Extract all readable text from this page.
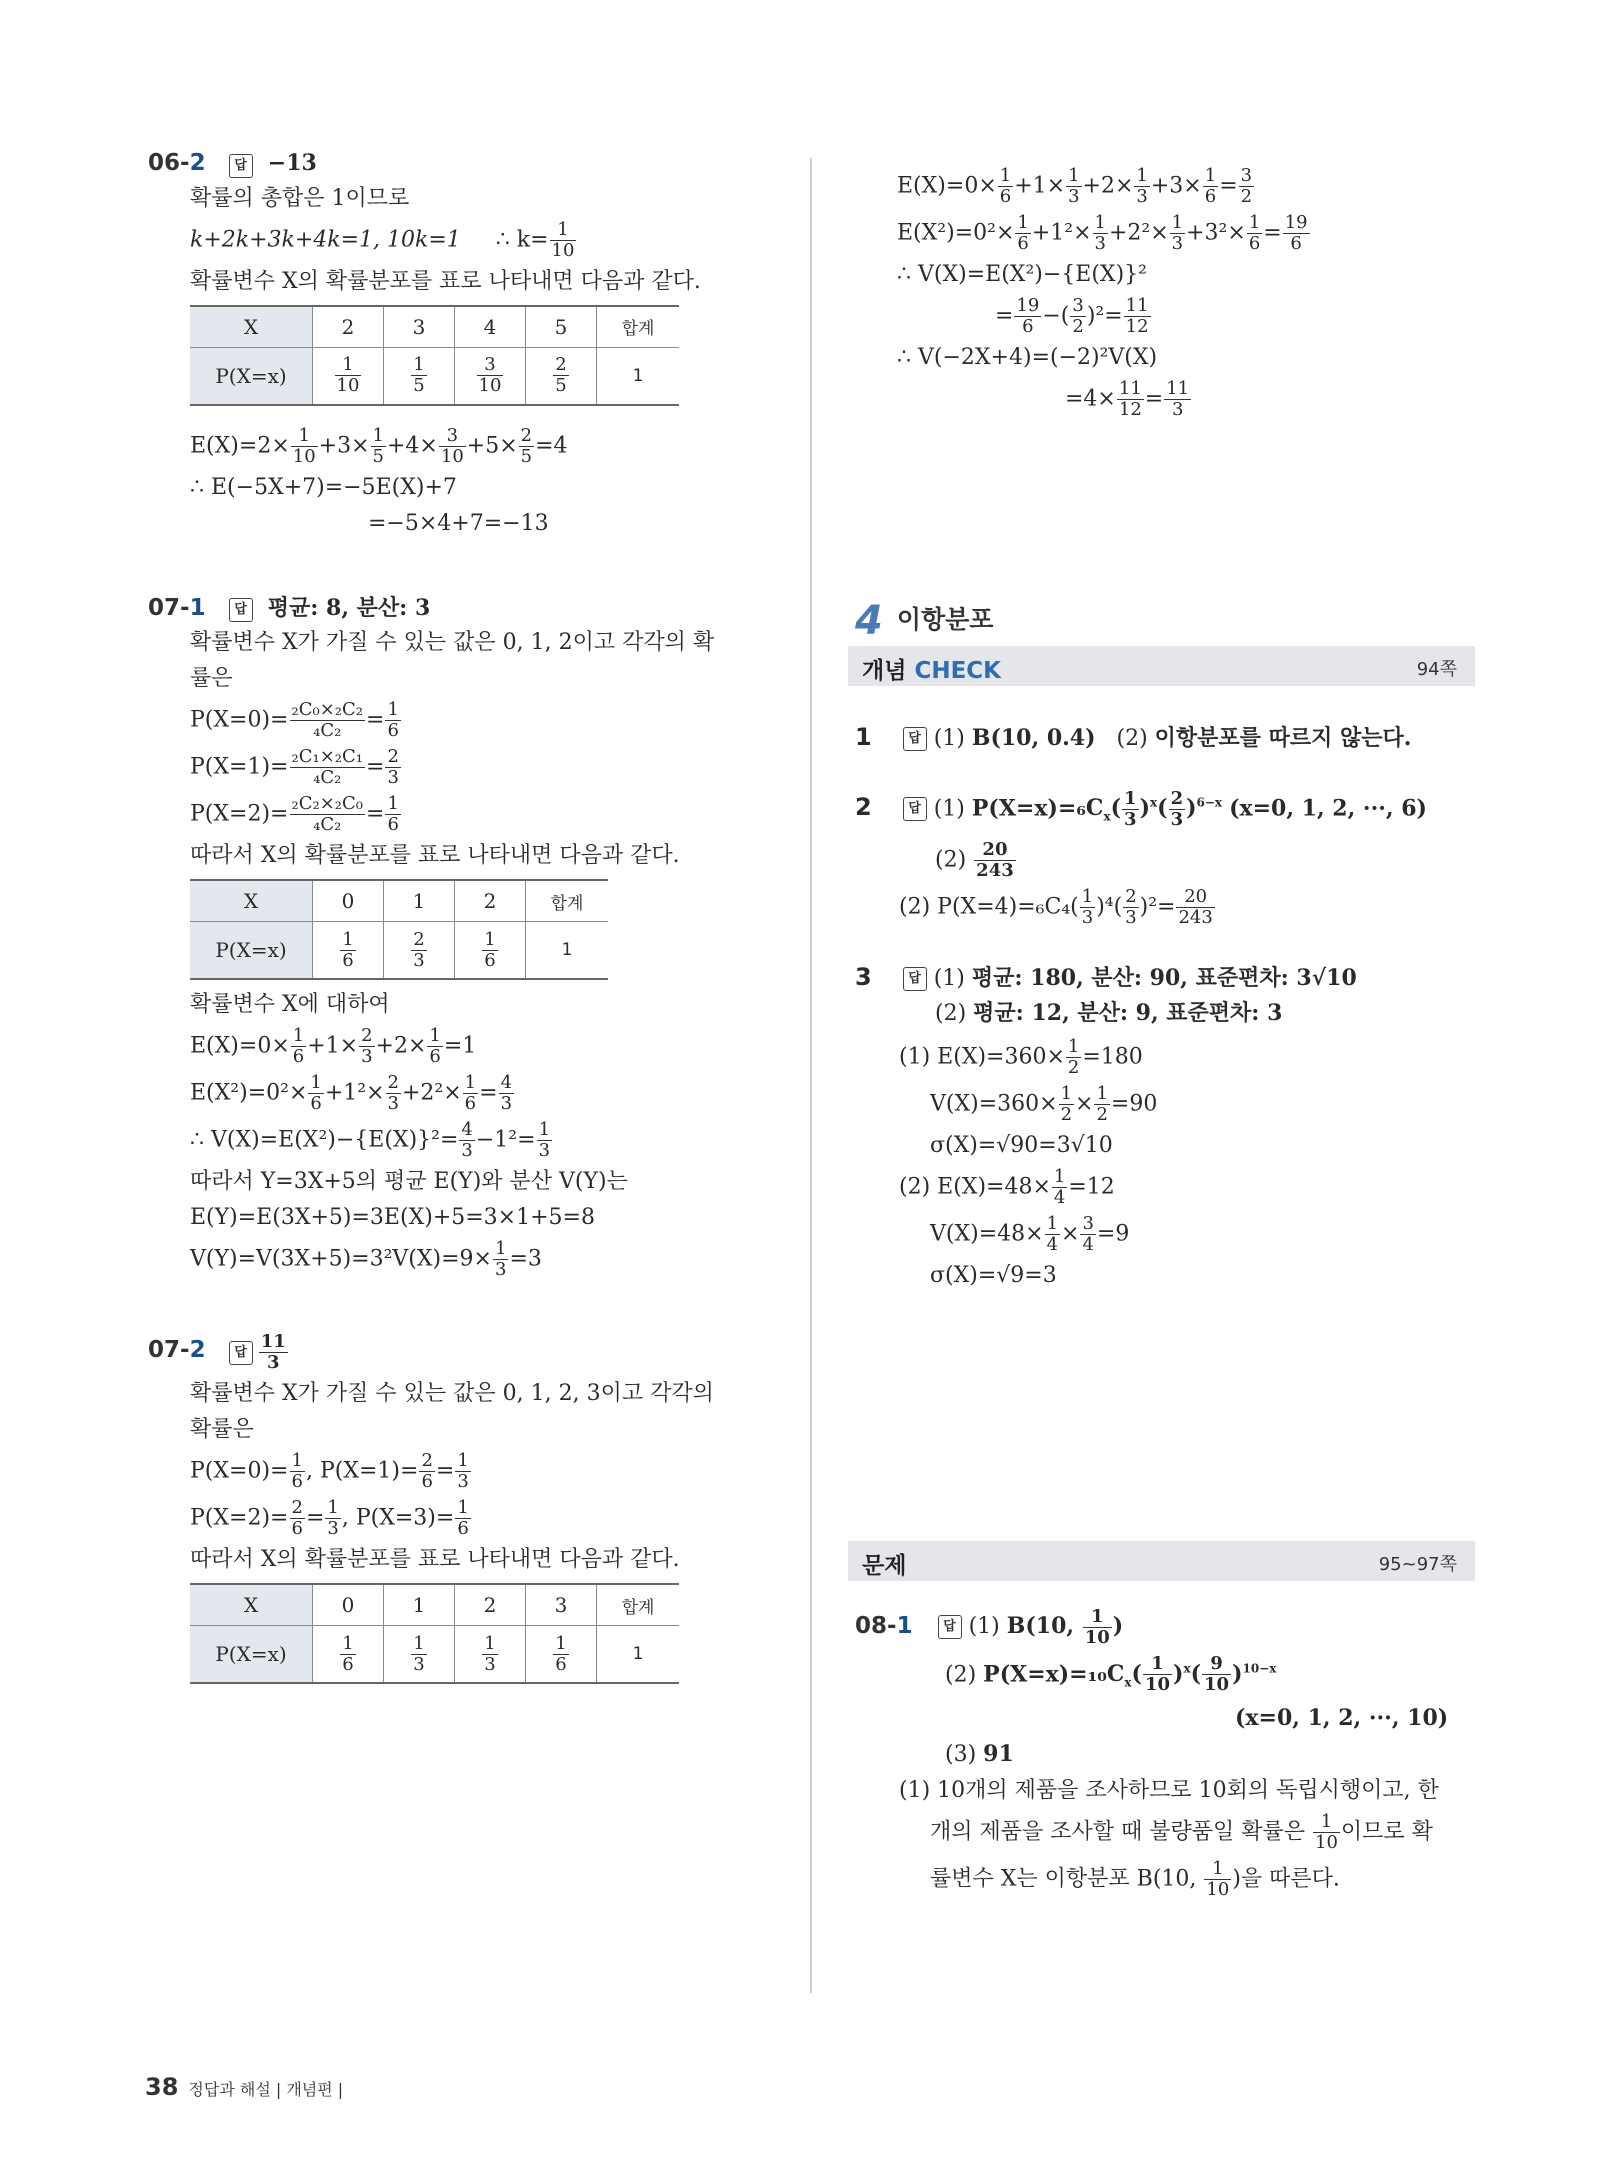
06-2 답 −13
확률의 총합은 1이므로
k+2k+3k+4k=1, 10k=1 ∴ $k= \frac{1}{10}$
확률변수 X의 확률분포를 표로 나타내면 다음과 같다.
X	2	3	4	5	합계
P(X=x)	$\frac{1}{10}$	$\frac{1}{5}$	$\frac{3}{10}$	$\frac{2}{5}$	1
$E(X)=2\times \frac{1}{10} +3\times \frac{1}{5} +4\times \frac{3}{10} +5\times \frac{2}{5} =4$
∴ E(−5X+7)=−5E(X)+7
=−5×4+7=−13
07-1 답 평균: 8, 분산: 3
확률변수 X가 가질 수 있는 값은 0, 1, 2이고 각각의 확
률은
$P(X=0)= \frac{\text{₂C₀×₂C₂}}{\text{₄C₂}} = \frac{1}{6}$
$P(X=1)= \frac{\text{₂C₁×₂C₁}}{\text{₄C₂}} = \frac{2}{3}$
$P(X=2)= \frac{\text{₂C₂×₂C₀}}{\text{₄C₂}} = \frac{1}{6}$
따라서 X의 확률분포를 표로 나타내면 다음과 같다.
X	0	1	2	합계
P(X=x)	$\frac{1}{6}$	$\frac{2}{3}$	$\frac{1}{6}$	1
확률변수 X에 대하여
$E(X)=0\times \frac{1}{6} +1\times \frac{2}{3} +2\times \frac{1}{6} =1$
$E(X^2)=0^2\times \frac{1}{6} +1^2\times \frac{2}{3} +2^2\times \frac{1}{6} = \frac{4}{3}$
∴ $V(X)=E(X^2)-\{E(X)\}^2= \frac{4}{3} -1^2= \frac{1}{3}$
따라서 Y=3X+5의 평균 E(Y)와 분산 V(Y)는
E(Y)=E(3X+5)=3E(X)+5=3×1+5=8
$V(Y)=V(3X+5)=3^2V(X)=9\times \frac{1}{3} =3$
07-2 답 $\frac{11}{3}$
확률변수 X가 가질 수 있는 값은 0, 1, 2, 3이고 각각의
확률은
$P(X=0)= \frac{1}{6}$ , $P(X=1)= \frac{2}{6} = \frac{1}{3}$
$P(X=2)= \frac{2}{6} = \frac{1}{3}$ , $P(X=3)= \frac{1}{6}$
따라서 X의 확률분포를 표로 나타내면 다음과 같다.
X	0	1	2	3	합계
P(X=x)	$\frac{1}{6}$	$\frac{1}{3}$	$\frac{1}{3}$	$\frac{1}{6}$	1
$E(X)=0\times \frac{1}{6} +1\times \frac{1}{3} +2\times \frac{1}{3} +3\times \frac{1}{6} = \frac{3}{2}$
$E(X^2)=0^2\times \frac{1}{6} +1^2\times \frac{1}{3} +2^2\times \frac{1}{3} +3^2\times \frac{1}{6} = \frac{19}{6}$
∴ V(X)=E(X²)−{E(X)}²
= $\frac{19}{6}$ −( $\frac{3}{2} )^2= \frac{11}{12}$
∴ V(−2X+4)=(−2)²V(X)
$=4\times \frac{11}{12} = \frac{11}{3}$
4 이항분포
개념 CHECK	94쪽
1	답 (1) B(10, 0.4) (2) 이항분포를 따르지 않는다.
2	답 (1) $P(X=x)=_6C_x( \frac{1}{3} )^x( \frac{2}{3} )^{6-x}$ (x=0, 1, 2, ···, 6)
$(2) \frac{20}{243}$
(2) $P(X=4)=_6C_4( \frac{1}{3} )^4( \frac{2}{3} )^2= \frac{20}{243}$
3	답 (1) 평균: 180, 분산: 90, 표준편차: 3√10
(2) 평균: 12, 분산: 9, 표준편차: 3
(1) $E(X)=360\times \frac{1}{2} =180$
$V(X)=360\times \frac{1}{2} \times \frac{1}{2} =90$
σ(X)=√90=3√10
(2) $E(X)=48\times \frac{1}{4} =12$
$V(X)=48\times \frac{1}{4} \times \frac{3}{4} =9$
σ(X)=√9=3
문제	95~97쪽
08-1 답 (1) B(10, $\frac{1}{10}$ )
(2) $P(X=x)=_{10}C_x( \frac{1}{10} )^x( \frac{9}{10} )^{10-x}$
(x=0, 1, 2, ···, 10)
(3) 91
(1) 10개의 제품을 조사하므로 10회의 독립시행이고, 한
개의 제품을 조사할 때 불량품일 확률은 $\frac{1}{10}$ 이므로 확
률변수 X는 이항분포 B(10, $\frac{1}{10}$ )을 따른다.
38 정답과 해설 | 개념편 |
